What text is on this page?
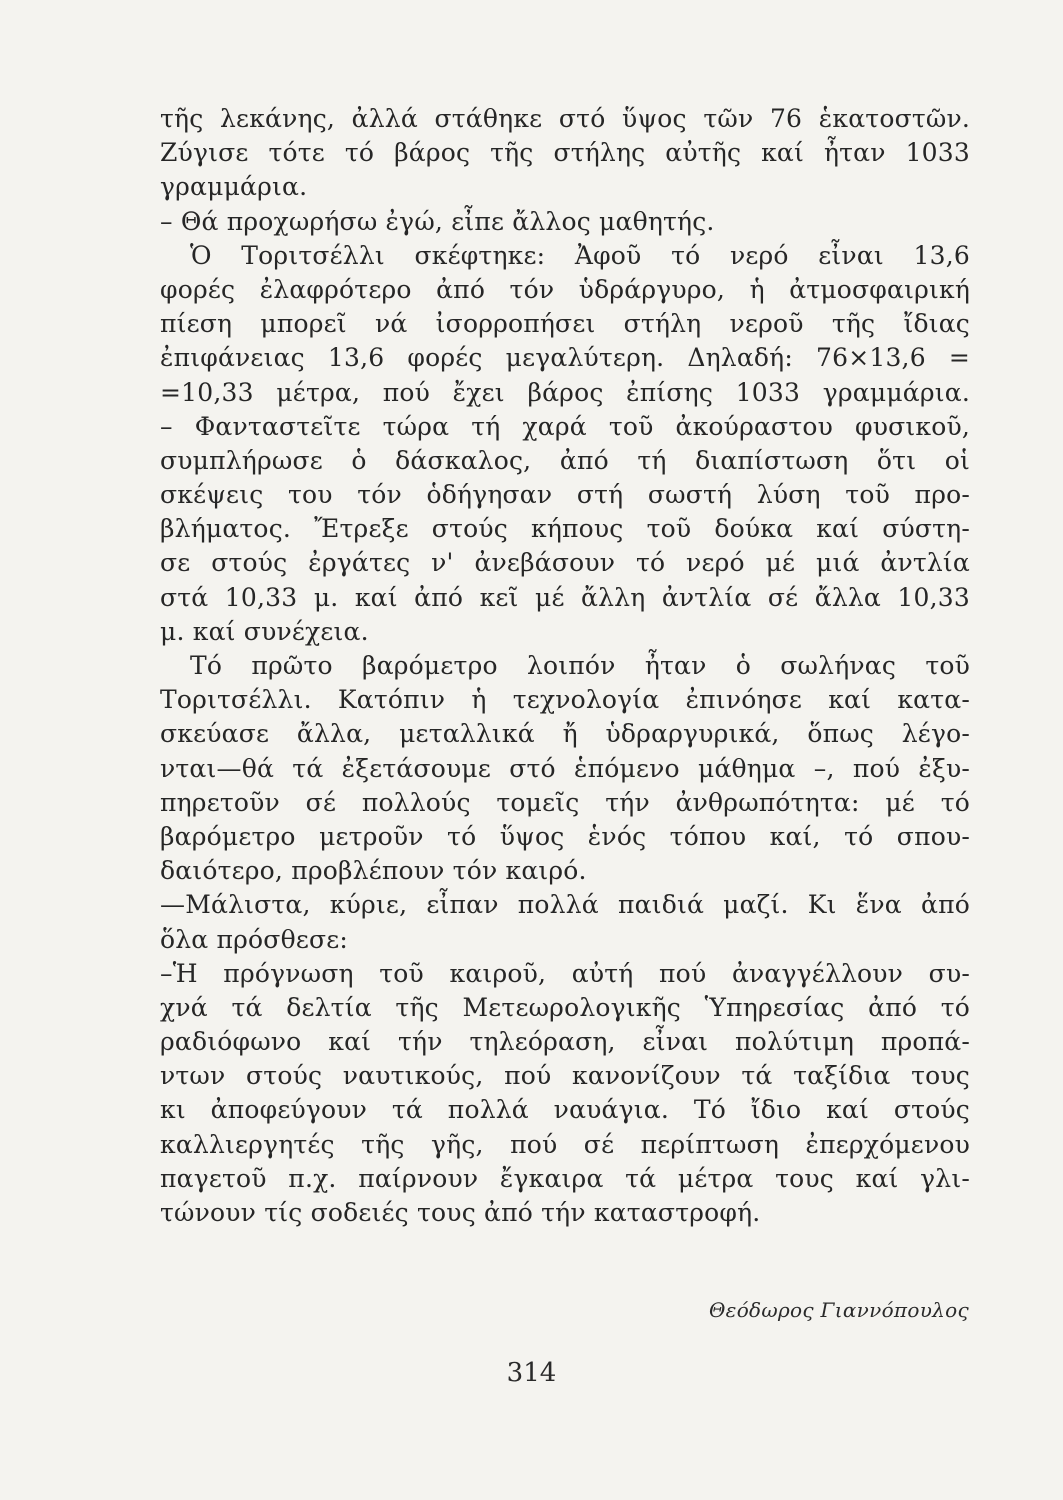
τῆς λεκάνης, ἀλλά στάθηκε στό ὕψος τῶν 76 ἑκατοστῶν.
Ζύγισε τότε τό βάρος τῆς στήλης αὐτῆς καί ἦταν 1033
γραμμάρια.
– Θά προχωρήσω ἐγώ, εἶπε ἄλλος μαθητής.
Ὁ Τοριτσέλλι σκέφτηκε: Ἀφοῦ τό νερό εἶναι 13,6
φορές ἐλαφρότερο ἀπό τόν ὑδράργυρο, ἡ ἀτμοσφαιρική
πίεση μπορεῖ νά ἰσορροπήσει στήλη νεροῦ τῆς ἴδιας
ἐπιφάνειας 13,6 φορές μεγαλύτερη. Δηλαδή: 76×13,6 =
=10,33 μέτρα, πού ἔχει βάρος ἐπίσης 1033 γραμμάρια.
– Φανταστεῖτε τώρα τή χαρά τοῦ ἀκούραστου φυσικοῦ,
συμπλήρωσε ὁ δάσκαλος, ἀπό τή διαπίστωση ὅτι οἱ
σκέψεις του τόν ὁδήγησαν στή σωστή λύση τοῦ προ-
βλήματος. Ἔτρεξε στούς κήπους τοῦ δούκα καί σύστη-
σε στούς ἐργάτες ν' ἀνεβάσουν τό νερό μέ μιά ἀντλία
στά 10,33 μ. καί ἀπό κεῖ μέ ἄλλη ἀντλία σέ ἄλλα 10,33
μ. καί συνέχεια.
Τό πρῶτο βαρόμετρο λοιπόν ἦταν ὁ σωλήνας τοῦ
Τοριτσέλλι. Κατόπιν ἡ τεχνολογία ἐπινόησε καί κατα-
σκεύασε ἄλλα, μεταλλικά ἤ ὑδραργυρικά, ὅπως λέγο-
νται—θά τά ἐξετάσουμε στό ἑπόμενο μάθημα –, πού ἐξυ-
πηρετοῦν σέ πολλούς τομεῖς τήν ἀνθρωπότητα: μέ τό
βαρόμετρο μετροῦν τό ὕψος ἑνός τόπου καί, τό σπου-
δαιότερο, προβλέπουν τόν καιρό.
—Μάλιστα, κύριε, εἶπαν πολλά παιδιά μαζί. Κι ἕνα ἀπό
ὅλα πρόσθεσε:
–Ἡ πρόγνωση τοῦ καιροῦ, αὐτή πού ἀναγγέλλουν συ-
χνά τά δελτία τῆς Μετεωρολογικῆς Ὑπηρεσίας ἀπό τό
ραδιόφωνο καί τήν τηλεόραση, εἶναι πολύτιμη προπά-
ντων στούς ναυτικούς, πού κανονίζουν τά ταξίδια τους
κι ἀποφεύγουν τά πολλά ναυάγια. Τό ἴδιο καί στούς
καλλιεργητές τῆς γῆς, πού σέ περίπτωση ἐπερχόμενου
παγετοῦ π.χ. παίρνουν ἔγκαιρα τά μέτρα τους καί γλι-
τώνουν τίς σοδειές τους ἀπό τήν καταστροφή.
Θεόδωρος Γιαννόπουλος
314
